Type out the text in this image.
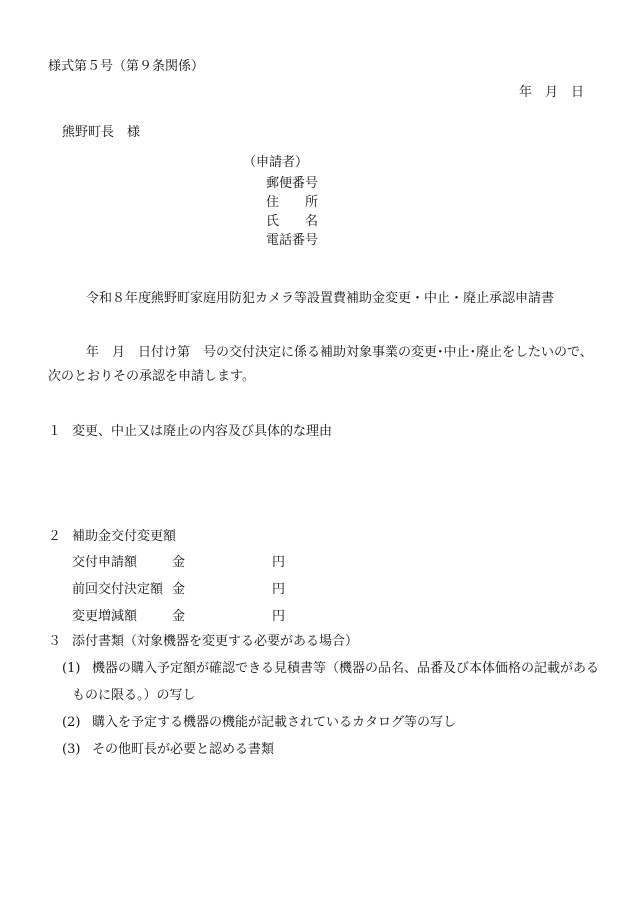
様式第５号（第９条関係）
年　月　日
熊野町長　様
（申請者）
郵便番号
住　　所
氏　　名
電話番号
令和８年度熊野町家庭用防犯カメラ等設置費補助金変更・中止・廃止承認申請書
年　月　日付け第　号の交付決定に係る補助対象事業の変更･中止･廃止をしたいので、
次のとおりその承認を申請します。
１ 変更、中止又は廃止の内容及び具体的な理由
２ 補助金交付変更額
交付申請額	金	円
前回交付決定額 金	円
変更増減額	金	円
３ 添付書類（対象機器を変更する必要がある場合）
(1) 機器の購入予定額が確認できる見積書等（機器の品名、品番及び本体価格の記載がある
ものに限る。）の写し
(2) 購入を予定する機器の機能が記載されているカタログ等の写し
(3) その他町長が必要と認める書類
